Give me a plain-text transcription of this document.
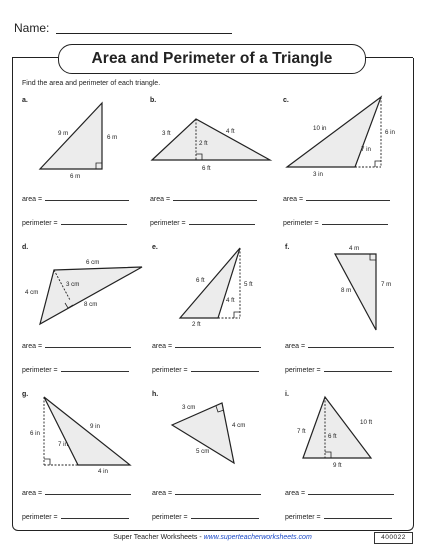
Name:
Area and Perimeter of a Triangle
Find the area and perimeter of each triangle.
a.
9 m
6 m
6 m
area =
perimeter =
b.
3 ft	4 ft
2 ft
6 ft
area =
perimeter =
c.
10 in
6 in
7 in
3 in
area =
perimeter =
d.
6 cm
4 cm
3 cm
8 cm
area =
perimeter =
e.
6 ft
5 ft
4 ft
2 ft
area =
perimeter =
f.	4 m
8 m
7 m
area =
perimeter =
g.
6 in
9 in
7 in
4 in
area =
perimeter =
h.
3 cm
4 cm
5 cm
area =
perimeter =
i.
7 ft
10 ft
6 ft
9 ft
area =
perimeter =
Super Teacher Worksheets - www.superteacherworksheets.com	400022
